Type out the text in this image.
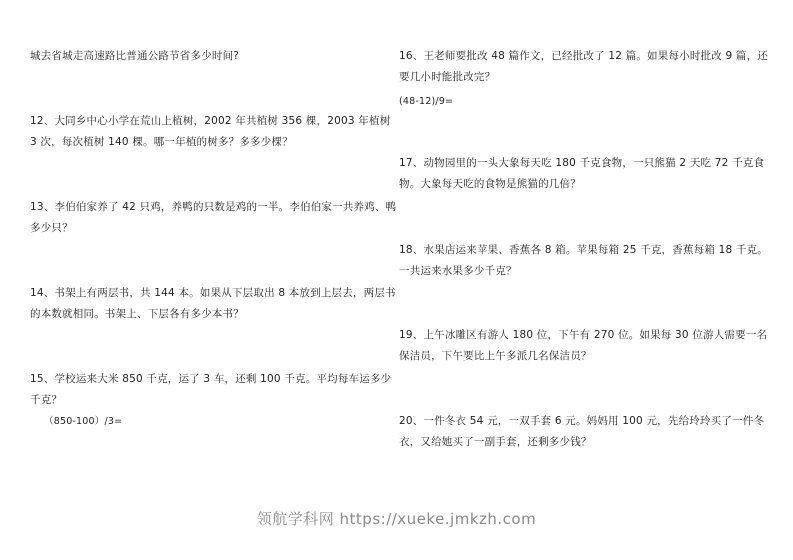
城去省城走高速路比普通公路节省多少时间?
12、大同乡中心小学在荒山上植树，2002 年共植树 356 棵，2003 年植树 3 次，每次植树 140 棵。哪一年植的树多？多多少棵？
13、李伯伯家养了 42 只鸡，养鸭的只数是鸡的一半。李伯伯家一共养鸡、鸭多少只？
14、书架上有两层书，共 144 本。如果从下层取出 8 本放到上层去，两层书的本数就相同。书架上、下层各有多少本书？
15、学校运来大米 850 千克，运了 3 车，还剩 100 千克。平均每车运多少千克？
（850-100）/3=
16、王老师要批改 48 篇作文，已经批改了 12 篇。如果每小时批改 9 篇，还要几小时能批改完？
(48-12)/9=
17、动物园里的一头大象每天吃 180 千克食物，一只熊猫 2 天吃 72 千克食物。大象每天吃的食物是熊猫的几倍？
18、水果店运来苹果、香蕉各 8 箱。苹果每箱 25 千克，香蕉每箱 18 千克。一共运来水果多少千克？
19、上午冰雕区有游人 180 位，下午有 270 位。如果每 30 位游人需要一名保洁员，下午要比上午多派几名保洁员？
20、一件冬衣 54 元，一双手套 6 元。妈妈用 100 元，先给玲玲买了一件冬衣，又给她买了一副手套，还剩多少钱？
领航学科网 https://xueke.jmkzh.com
